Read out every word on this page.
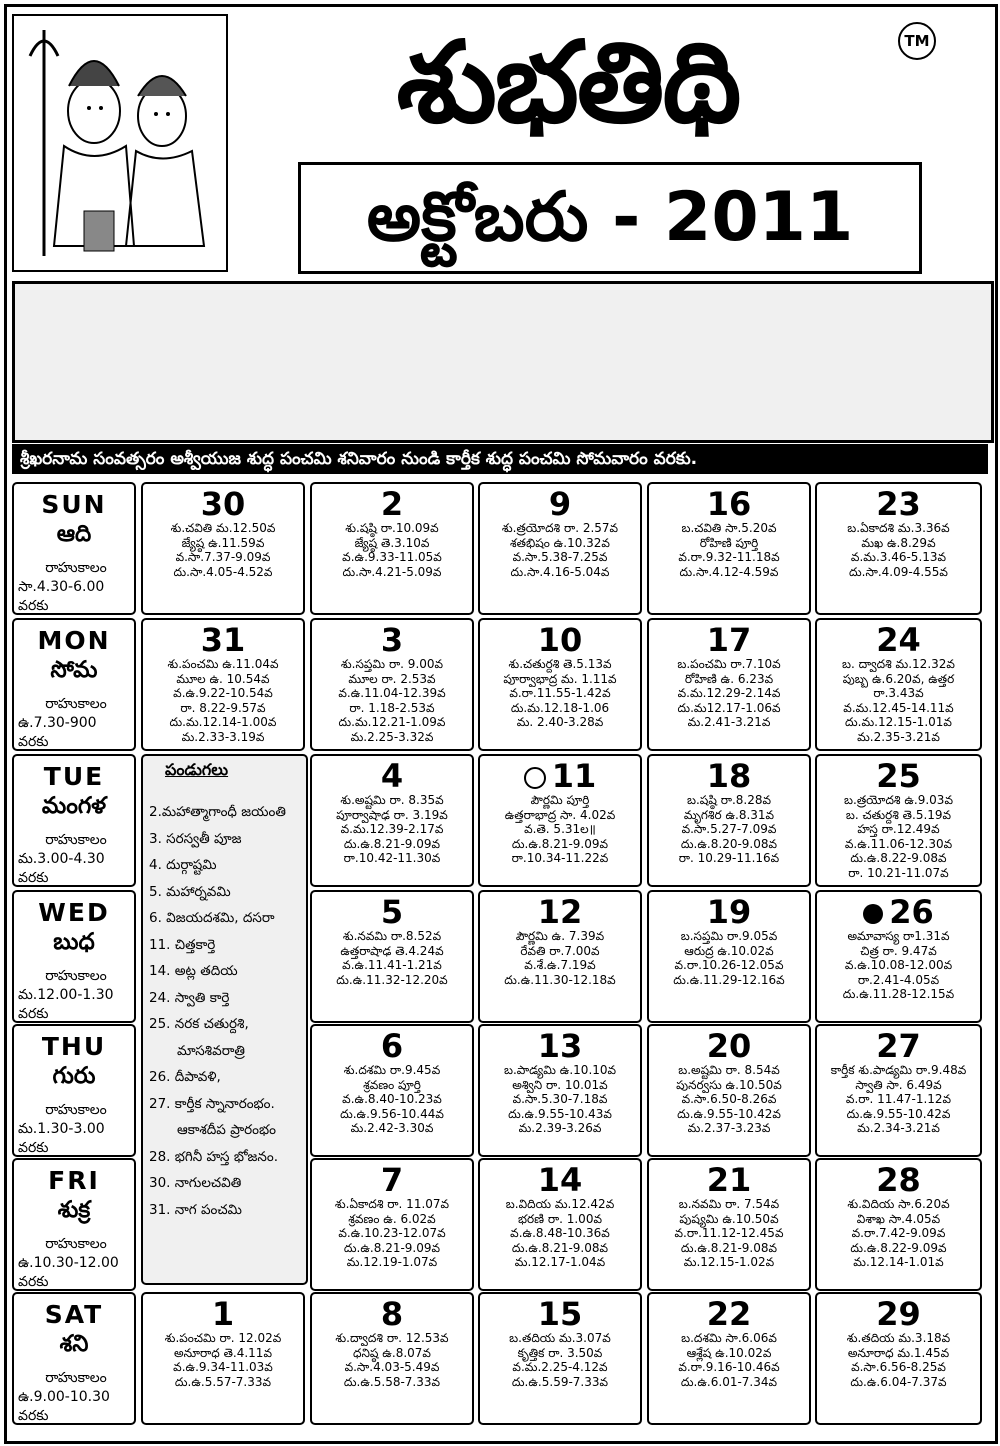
శుభతిథి	TM
అక్టోబరు - 2011
శ్రీఖరనామ సంవత్సరం అశ్వీయుజ శుద్ధ పంచమి శనివారం నుండి కార్తీక శుద్ధ పంచమి సోమవారం వరకు.
SUN
ఆది
రాహుకాలం
సా.4.30-6.00
వరకు
MON
సోమ
రాహుకాలం
ఉ.7.30-900
వరకు
TUE
మంగళ
రాహుకాలం
మ.3.00-4.30
వరకు
WED
బుధ
రాహుకాలం
మ.12.00-1.30
వరకు
THU
గురు
రాహుకాలం
మ.1.30-3.00
వరకు
FRI
శుక్ర
రాహుకాలం
ఉ.10.30-12.00
వరకు
SAT
శని
రాహుకాలం
ఉ.9.00-10.30
వరకు
30
శు.చవితి మ.12.50వ
జ్యేష్ఠ ఉ.11.59వ
వ.సా.7.37-9.09వ
దు.సా.4.05-4.52వ
2
శు.షష్ఠి రా.10.09వ
జ్యేష్ఠ తె.3.10వ
వ.ఉ.9.33-11.05వ
దు.సా.4.21-5.09వ
9
శు.త్రయోదశి రా. 2.57వ
శతభిషం ఉ.10.32వ
వ.సా.5.38-7.25వ
దు.సా.4.16-5.04వ
16
బ.చవితి సా.5.20వ
రోహిణి పూర్తి
వ.రా.9.32-11.18వ
దు.సా.4.12-4.59వ
23
బ.ఏకాదశి మ.3.36వ
మఖ ఉ.8.29వ
వ.మ.3.46-5.13వ
దు.సా.4.09-4.55వ
31
శు.పంచమి ఉ.11.04వ
మూల ఉ. 10.54వ
వ.ఉ.9.22-10.54వ
రా. 8.22-9.57వ
దు.మ.12.14-1.00వ
మ.2.33-3.19వ
3
శు.సప్తమి రా. 9.00వ
మూల రా. 2.53వ
వ.ఉ.11.04-12.39వ
రా. 1.18-2.53వ
దు.మ.12.21-1.09వ
మ.2.25-3.32వ
10
శు.చతుర్దశి తె.5.13వ
పూర్వాభాద్ర మ. 1.11వ
వ.రా.11.55-1.42వ
దు.మ.12.18-1.06
మ. 2.40-3.28వ
17
బ.పంచమి రా.7.10వ
రోహిణి ఉ. 6.23వ
వ.మ.12.29-2.14వ
దు.మ12.17-1.06వ
మ.2.41-3.21వ
24
బ. ద్వాదశి మ.12.32వ
పుబ్బ ఉ.6.20వ, ఉత్తర రా.3.43వ
వ.మ.12.45-14.11వ
దు.మ.12.15-1.01వ
మ.2.35-3.21వ
4
శు.అష్టమి రా. 8.35వ
పూర్వాషాఢ రా. 3.19వ
వ.మ.12.39-2.17వ
దు.ఉ.8.21-9.09వ
రా.10.42-11.30వ
11
పౌర్ణమి పూర్తి
ఉత్తరాభాద్ర సా. 4.02వ
వ.తె. 5.31ల॥
దు.ఉ.8.21-9.09వ
రా.10.34-11.22వ
18
బ.షష్ఠి రా.8.28వ
మృగశిర ఉ.8.31వ
వ.సా.5.27-7.09వ
దు.ఉ.8.20-9.08వ
రా. 10.29-11.16వ
25
బ.త్రయోదశి ఉ.9.03వ
బ. చతుర్దశి తె.5.19వ
హస్త రా.12.49వ
వ.ఉ.11.06-12.30వ
దు.ఉ.8.22-9.08వ
రా. 10.21-11.07వ
5
శు.నవమి రా.8.52వ
ఉత్తరాషాఢ తె.4.24వ
వ.ఉ.11.41-1.21వ
దు.ఉ.11.32-12.20వ
12
పౌర్ణమి ఉ. 7.39వ
రేవతి రా.7.00వ
వ.శే.ఉ.7.19వ
దు.ఉ.11.30-12.18వ
19
బ.సప్తమి రా.9.05వ
ఆరుద్ర ఉ.10.02వ
వ.రా.10.26-12.05వ
దు.ఉ.11.29-12.16వ
26
అమావాస్య రా1.31వ
చిత్ర రా. 9.47వ
వ.ఉ.10.08-12.00వ
రా.2.41-4.05వ
దు.ఉ.11.28-12.15వ
6
శు.దశమి రా.9.45వ
శ్రవణం పూర్తి
వ.ఉ.8.40-10.23వ
దు.ఉ.9.56-10.44వ
మ.2.42-3.30వ
13
బ.పాడ్యమి ఉ.10.10వ
అశ్విని రా. 10.01వ
వ.సా.5.30-7.18వ
దు.ఉ.9.55-10.43వ
మ.2.39-3.26వ
20
బ.అష్టమి రా. 8.54వ
పునర్వసు ఉ.10.50వ
వ.సా.6.50-8.26వ
దు.ఉ.9.55-10.42వ
మ.2.37-3.23వ
27
కార్తీక శు.పాడ్యమి రా.9.48వ
స్వాతి సా. 6.49వ
వ.రా. 11.47-1.12వ
దు.ఉ.9.55-10.42వ
మ.2.34-3.21వ
7
శు.ఏకాదశి రా. 11.07వ
శ్రవణం ఉ. 6.02వ
వ.ఉ.10.23-12.07వ
దు.ఉ.8.21-9.09వ
మ.12.19-1.07వ
14
బ.విదియ మ.12.42వ
భరణి రా. 1.00వ
వ.ఉ.8.48-10.36వ
దు.ఉ.8.21-9.08వ
మ.12.17-1.04వ
21
బ.నవమి రా. 7.54వ
పుష్యమి ఉ.10.50వ
వ.రా.11.12-12.45వ
దు.ఉ.8.21-9.08వ
మ.12.15-1.02వ
28
శు.విదియ సా.6.20వ
విశాఖ సా.4.05వ
వ.రా.7.42-9.09వ
దు.ఉ.8.22-9.09వ
మ.12.14-1.01వ
1
శు.పంచమి రా. 12.02వ
అనూరాధ తె.4.11వ
వ.ఉ.9.34-11.03వ
దు.ఉ.5.57-7.33వ
8
శు.ద్వాదశి రా. 12.53వ
ధనిష్ఠ ఉ.8.07వ
వ.సా.4.03-5.49వ
దు.ఉ.5.58-7.33వ
15
బ.తదియ మ.3.07వ
కృత్తిక రా. 3.50వ
వ.మ.2.25-4.12వ
దు.ఉ.5.59-7.33వ
22
బ.దశమి సా.6.06వ
ఆశ్లేష ఉ.10.02వ
వ.రా.9.16-10.46వ
దు.ఉ.6.01-7.34వ
29
శు.తదియ మ.3.18వ
అనూరాధ మ.1.45వ
వ.సా.6.56-8.25వ
దు.ఉ.6.04-7.37వ
పండుగలు
2.మహాత్మాగాంధీ జయంతి
3. సరస్వతీ పూజ
4. దుర్గాష్టమి
5. మహార్నవమి
6. విజయదశమి, దసరా
11. చిత్తకార్తె
14. అట్ల తదియ
24. స్వాతి కార్తె
25. నరక చతుర్దశి,
మాసశివరాత్రి
26. దీపావళి,
27. కార్తీక స్నానారంభం.
ఆకాశదీప ప్రారంభం
28. భగినీ హస్త భోజనం.
30. నాగులచవితి
31. నాగ పంచమి
